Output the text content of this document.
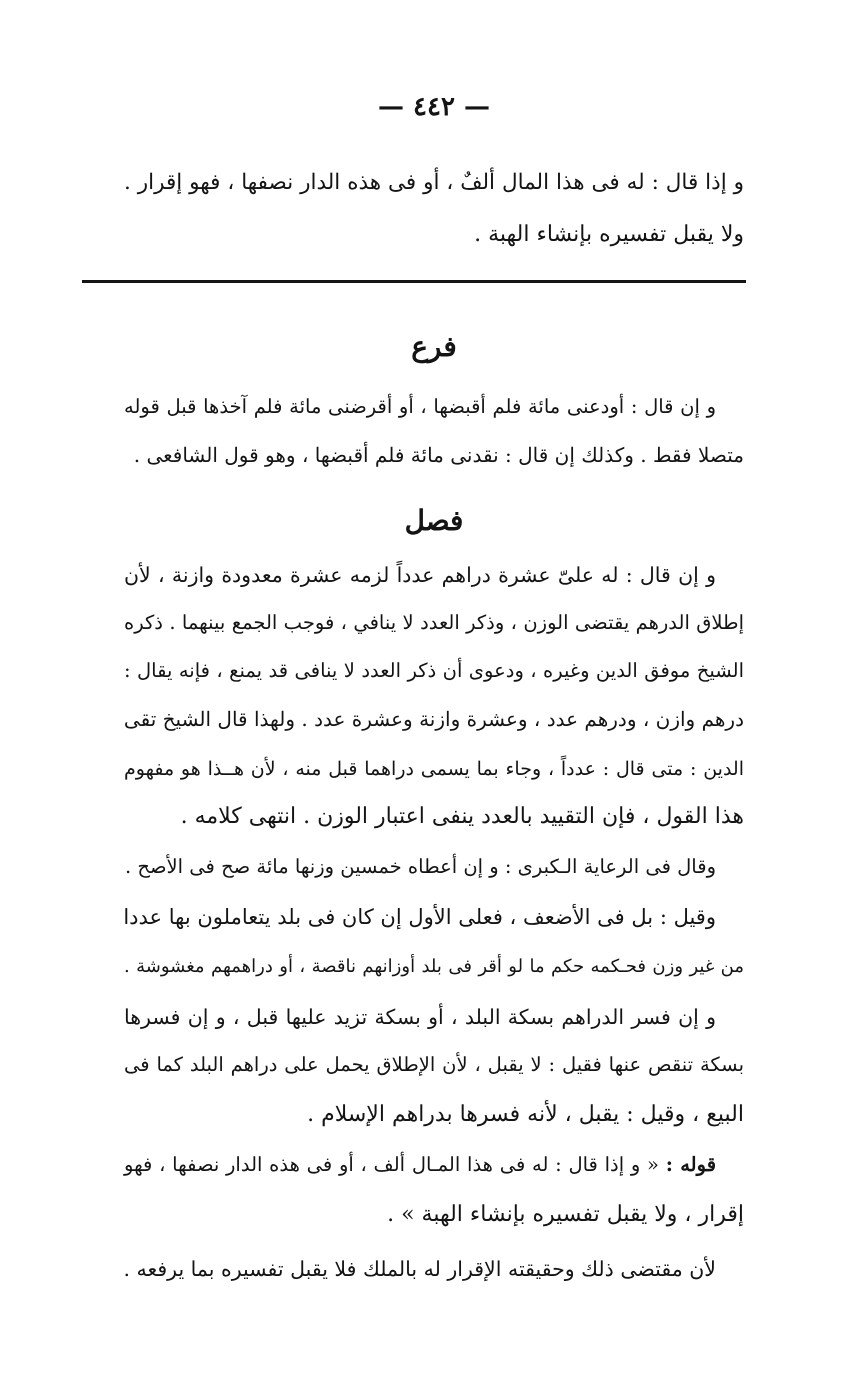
— ٤٤٢ —
و إذا قال : له فى هذا المال ألفٌ ، أو فى هذه الدار نصفها ، فهو إقرار .
ولا يقبل تفسيره بإنشاء الهبة .
فرع
و إن قال : أودعنى مائة فلم أقبضها ، أو أقرضنى مائة فلم آخذها قبل قوله
متصلا فقط . وكذلك إن قال : نقدنى مائة فلم أقبضها ، وهو قول الشافعى .
فصل
و إن قال : له علىّ عشرة دراهم عدداً لزمه عشرة معدودة وازنة ، لأن
إطلاق الدرهم يقتضى الوزن ، وذكر العدد لا ينافي ، فوجب الجمع بينهما . ذكره
الشيخ موفق الدين وغيره ، ودعوى أن ذكر العدد لا ينافى قد يمنع ، فإنه يقال :
درهم وازن ، ودرهم عدد ، وعشرة وازنة وعشرة عدد . ولهذا قال الشيخ تقى
الدين : متى قال : عدداً ، وجاء بما يسمى دراهما قبل منه ، لأن هــذا هو مفهوم
هذا القول ، فإن التقييد بالعدد ينفى اعتبار الوزن . انتهى كلامه .
وقال فى الرعاية الـكبرى : و إن أعطاه خمسين وزنها مائة صح فى الأصح .
وقيل : بل فى الأضعف ، فعلى الأول إن كان فى بلد يتعاملون بها عددا
من غير وزن فحـكمه حكم ما لو أقر فى بلد أوزانهم ناقصة ، أو دراهمهم مغشوشة .
و إن فسر الدراهم بسكة البلد ، أو بسكة تزيد عليها قبل ، و إن فسرها
بسكة تنقص عنها فقيل : لا يقبل ، لأن الإطلاق يحمل على دراهم البلد كما فى
البيع ، وقيل : يقبل ، لأنه فسرها بدراهم الإسلام .
قوله : « و إذا قال : له فى هذا المـال ألف ، أو فى هذه الدار نصفها ، فهو
إقرار ، ولا يقبل تفسيره بإنشاء الهبة » .
لأن مقتضى ذلك وحقيقته الإقرار له بالملك فلا يقبل تفسيره بما يرفعه .
